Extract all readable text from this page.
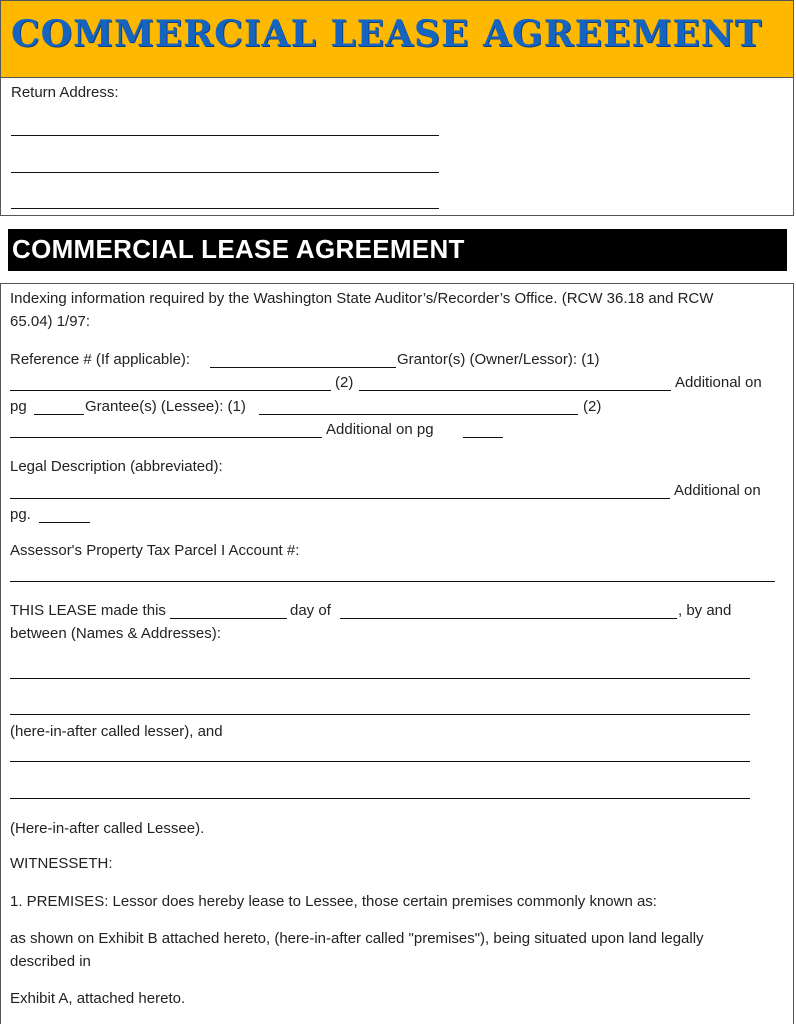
COMMERCIAL LEASE AGREEMENT
Return Address:
COMMERCIAL LEASE AGREEMENT
Indexing information required by the Washington State Auditor’s/Recorder’s Office. (RCW 36.18 and RCW
65.04) 1/97:
Reference # (If applicable):	Grantor(s) (Owner/Lessor): (1)
(2)	Additional on
pg	Grantee(s) (Lessee): (1)	(2)
Additional on pg
Legal Description (abbreviated):
Additional on
pg.
Assessor's Property Tax Parcel I Account #:
THIS LEASE made this	day of	, by and
between (Names & Addresses):
(here-in-after called lesser), and
(Here-in-after called Lessee).
WITNESSETH:
1. PREMISES: Lessor does hereby lease to Lessee, those certain premises commonly known as:
as shown on Exhibit B attached hereto, (here-in-after called "premises"), being situated upon land legally
described in
Exhibit A, attached hereto.
